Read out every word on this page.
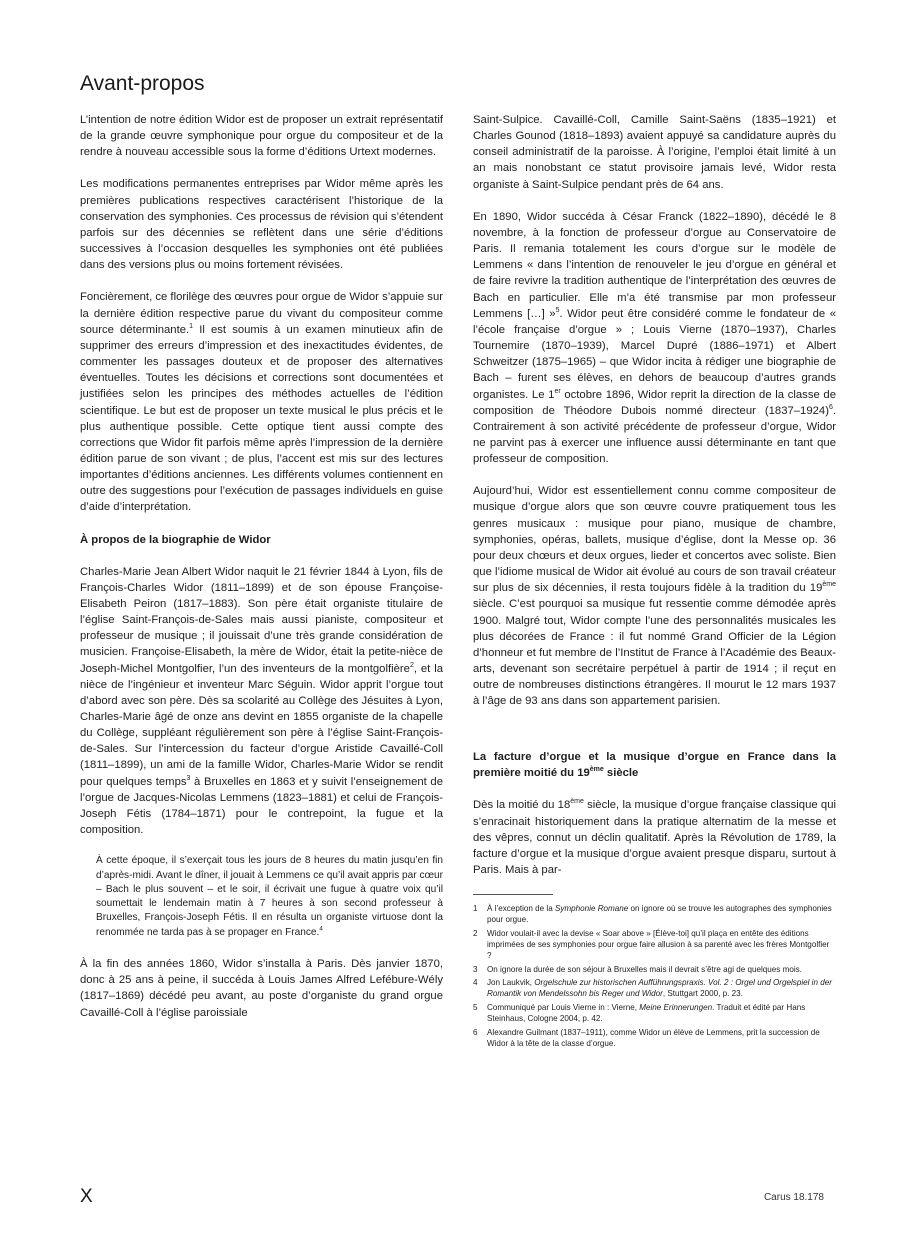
Avant-propos

L’intention de notre édition Widor est de proposer un extrait représentatif de la grande œuvre symphonique pour orgue du compositeur et de la rendre à nouveau accessible sous la forme d’éditions Urtext modernes.

Les modifications permanentes entreprises par Widor même après les premières publications respectives caractérisent l’historique de la conservation des symphonies. Ces processus de révision qui s’étendent parfois sur des décennies se reflètent dans une série d’éditions successives à l’occasion desquelles les symphonies ont été publiées dans des versions plus ou moins fortement révisées.

Foncièrement, ce florilège des œuvres pour orgue de Widor s’appuie sur la dernière édition respective parue du vivant du compositeur comme source déterminante.$^1$ Il est soumis à un examen minutieux afin de supprimer des erreurs d’impression et des inexactitudes évidentes, de commenter les passages douteux et de proposer des alternatives éventuelles. Toutes les décisions et corrections sont documentées et justifiées selon les principes des méthodes actuelles de l’édition scientifique. Le but est de proposer un texte musical le plus précis et le plus authentique possible. Cette optique tient aussi compte des corrections que Widor fit parfois même après l’impression de la dernière édition parue de son vivant ; de plus, l’accent est mis sur des lectures importantes d’éditions anciennes. Les différents volumes contiennent en outre des suggestions pour l’exécution de passages individuels en guise d’aide d’interprétation.

À propos de la biographie de Widor

Charles-Marie Jean Albert Widor naquit le 21 février 1844 à Lyon, fils de François-Charles Widor (1811–1899) et de son épouse Françoise-Elisabeth Peiron (1817–1883). Son père était organiste titulaire de l’église Saint-François-de-Sales mais aussi pianiste, compositeur et professeur de musique ; il jouissait d’une très grande considération de musicien. Françoise-Elisabeth, la mère de Widor, était la petite-nièce de Joseph-Michel Montgolfier, l’un des inventeurs de la montgolfière$^2$, et la nièce de l’ingénieur et inventeur Marc Séguin. Widor apprit l’orgue tout d’abord avec son père. Dès sa scolarité au Collège des Jésuites à Lyon, Charles-Marie âgé de onze ans devint en 1855 organiste de la chapelle du Collège, suppléant régulièrement son père à l’église Saint-François-de-Sales. Sur l’intercession du facteur d’orgue Aristide Cavaillé-Coll (1811–1899), un ami de la famille Widor, Charles-Marie Widor se rendit pour quelques temps$^3$ à Bruxelles en 1863 et y suivit l’enseignement de l’orgue de Jacques-Nicolas Lemmens (1823–1881) et celui de François-Joseph Fétis (1784–1871) pour le contrepoint, la fugue et la composition.

À cette époque, il s’exerçait tous les jours de 8 heures du matin jusqu’en fin d’après-midi. Avant le dîner, il jouait à Lemmens ce qu’il avait appris par cœur – Bach le plus souvent – et le soir, il écrivait une fugue à quatre voix qu’il soumettait le lendemain matin à 7 heures à son second professeur à Bruxelles, François-Joseph Fétis. Il en résulta un organiste virtuose dont la renommée ne tarda pas à se propager en France.$^4$

À la fin des années 1860, Widor s’installa à Paris. Dès janvier 1870, donc à 25 ans à peine, il succéda à Louis James Alfred Lefébure-Wély (1817–1869) décédé peu avant, au poste d’organiste du grand orgue Cavaillé-Coll à l’église paroissiale

Saint-Sulpice. Cavaillé-Coll, Camille Saint-Saëns (1835–1921) et Charles Gounod (1818–1893) avaient appuyé sa candidature auprès du conseil administratif de la paroisse. À l’origine, l’emploi était limité à un an mais nonobstant ce statut provisoire jamais levé, Widor resta organiste à Saint-Sulpice pendant près de 64 ans.

En 1890, Widor succéda à César Franck (1822–1890), décédé le 8 novembre, à la fonction de professeur d’orgue au Conservatoire de Paris. Il remania totalement les cours d’orgue sur le modèle de Lemmens « dans l’intention de renouveler le jeu d’orgue en général et de faire revivre la tradition authentique de l’interprétation des œuvres de Bach en particulier. Elle m’a été transmise par mon professeur Lemmens […] »$^5$. Widor peut être considéré comme le fondateur de « l’école française d’orgue » ; Louis Vierne (1870–1937), Charles Tournemire (1870–1939), Marcel Dupré (1886–1971) et Albert Schweitzer (1875–1965) – que Widor incita à rédiger une biographie de Bach – furent ses élèves, en dehors de beaucoup d’autres grands organistes. Le 1er octobre 1896, Widor reprit la direction de la classe de composition de Théodore Dubois nommé directeur (1837–1924)$^6$. Contrairement à son activité précédente de professeur d’orgue, Widor ne parvint pas à exercer une influence aussi déterminante en tant que professeur de composition.

Aujourd’hui, Widor est essentiellement connu comme compositeur de musique d’orgue alors que son œuvre couvre pratiquement tous les genres musicaux : musique pour piano, musique de chambre, symphonies, opéras, ballets, musique d’église, dont la Messe op. 36 pour deux chœurs et deux orgues, lieder et concertos avec soliste. Bien que l’idiome musical de Widor ait évolué au cours de son travail créateur sur plus de six décennies, il resta toujours fidèle à la tradition du 19ème siècle. C’est pourquoi sa musique fut ressentie comme démodée après 1900. Malgré tout, Widor compte l’une des personnalités musicales les plus décorées de France : il fut nommé Grand Officier de la Légion d’honneur et fut membre de l’Institut de France à l’Académie des Beaux-arts, devenant son secrétaire perpétuel à partir de 1914 ; il reçut en outre de nombreuses distinctions étrangères. Il mourut le 12 mars 1937 à l’âge de 93 ans dans son appartement parisien.

La facture d’orgue et la musique d’orgue en France dans la première moitié du 19ème siècle

Dès la moitié du 18ème siècle, la musique d’orgue française classique qui s’enracinait historiquement dans la pratique alternatim de la messe et des vêpres, connut un déclin qualitatif. Après la Révolution de 1789, la facture d’orgue et la musique d’orgue avaient presque disparu, surtout à Paris. Mais à par-

1	À l’exception de la Symphonie Romane on ignore où se trouve les autographes des symphonies pour orgue.
2	Widor voulait-il avec la devise « Soar above » [Élève-toi] qu’il plaça en entête des éditions imprimées de ses symphonies pour orgue faire allusion à sa parenté avec les frères Montgolfier ?
3	On ignore la durée de son séjour à Bruxelles mais il devrait s’être agi de quelques mois.
4	Jon Laukvik, Orgelschule zur historischen Aufführungspraxis. Vol. 2 : Orgel und Orgelspiel in der Romantik von Mendelssohn bis Reger und Widor, Stuttgart 2000, p. 23.
5	Communiqué par Louis Vierne in : Vierne, Meine Erinnerungen. Traduit et édité par Hans Steinhaus, Cologne 2004, p. 42.
6	Alexandre Guilmant (1837–1911), comme Widor un élève de Lemmens, prit la succession de Widor à la tête de la classe d’orgue.
X	Carus 18.178
